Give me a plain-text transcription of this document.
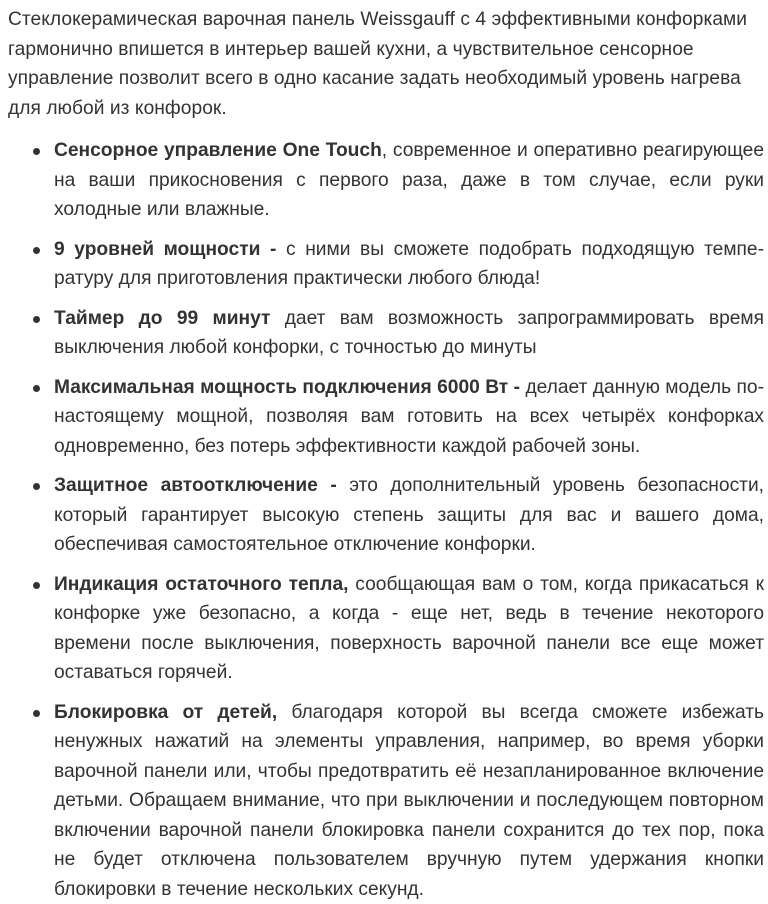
Стеклокерамическая варочная панель Weissgauff с 4 эффективными конфорками гармонично впишется в интерьер вашей кухни, а чувствительное сенсорное управление позволит всего в одно касание задать необходимый уровень нагрева для любой из конфорок.

Сенсорное управление One Touch, современное и оперативно реагирующее на ваши прикосновения с первого раза, даже в том случае, если руки холодные или влажные.
9 уровней мощности - с ними вы сможете подобрать подходящую температуру для приготовления практически любого блюда!
Таймер до 99 минут дает вам возможность запрограммировать время выключения любой конфорки, с точностью до минуты
Максимальная мощность подключения 6000 Вт - делает данную модель по-настоящему мощной, позволяя вам готовить на всех четырёх конфорках одновременно, без потерь эффективности каждой рабочей зоны.
Защитное автоотключение - это дополнительный уровень безопасности, который гарантирует высокую степень защиты для вас и вашего дома, обеспечивая самостоятельное отключение конфорки.
Индикация остаточного тепла, сообщающая вам о том, когда прикасаться к конфорке уже безопасно, а когда - еще нет, ведь в течение некоторого времени после выключения, поверхность варочной панели все еще может оставаться горячей.
Блокировка от детей, благодаря которой вы всегда сможете избежать ненужных нажатий на элементы управления, например, во время уборки варочной панели или, чтобы предотвратить её незапланированное включение детьми. Обращаем внимание, что при выключении и последующем повторном включении варочной панели блокировка панели сохранится до тех пор, пока не будет отключена пользователем вручную путем удержания кнопки блокировки в течение нескольких секунд.
